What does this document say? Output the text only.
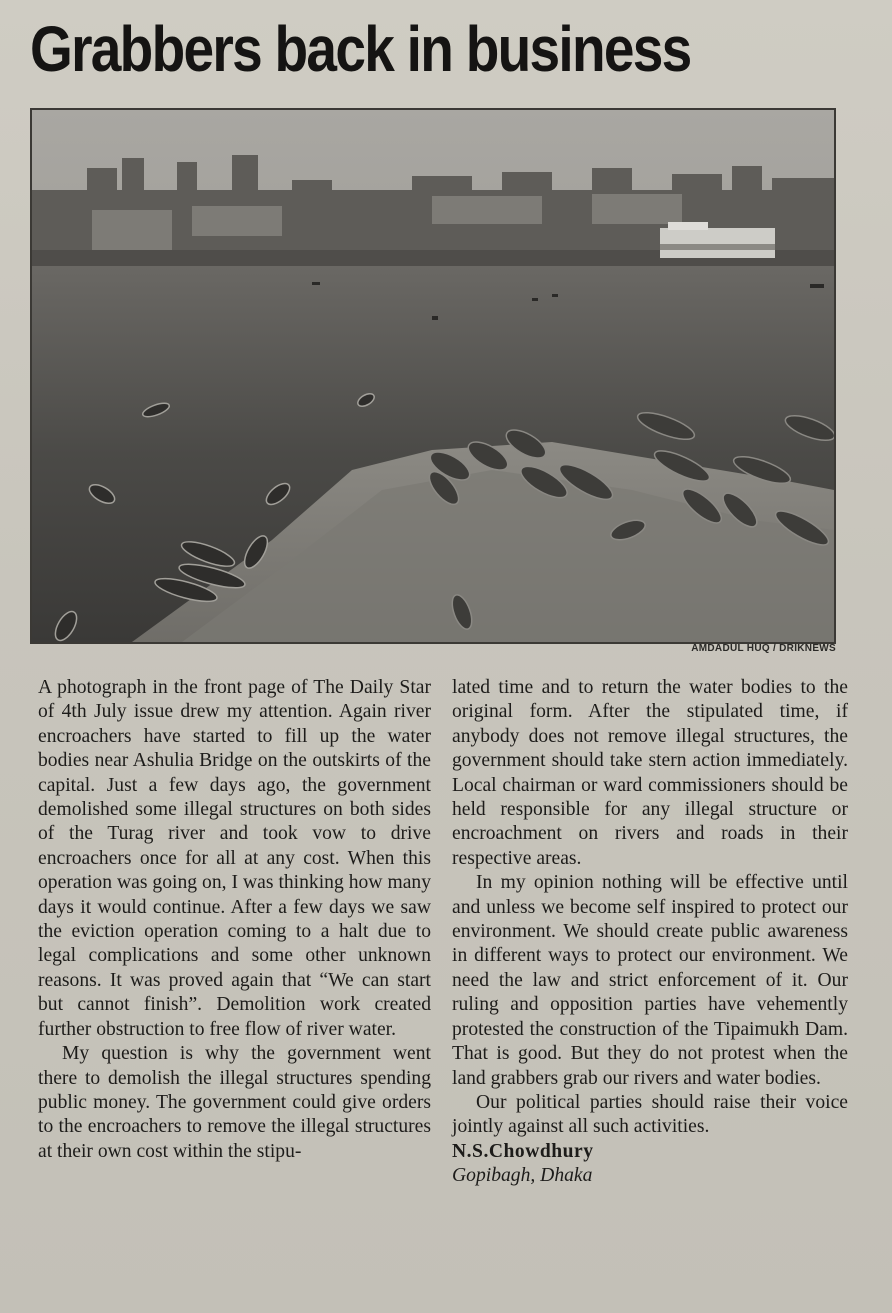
Grabbers back in business
AMDADUL HUQ / DRIKNEWS

A photograph in the front page of The Daily Star of 4th July issue drew my attention. Again river encroachers have started to fill up the water bodies near Ashulia Bridge on the outskirts of the capital. Just a few days ago, the government demolished some illegal structures on both sides of the Turag river and took vow to drive encroachers once for all at any cost. When this operation was going on, I was thinking how many days it would continue. After a few days we saw the eviction operation coming to a halt due to legal complications and some other unknown reasons. It was proved again that “We can start but cannot finish”. Demolition work created further obstruction to free flow of river water.

My question is why the government went there to demolish the illegal structures spending public money. The government could give orders to the encroachers to remove the illegal structures at their own cost within the stipu-

lated time and to return the water bodies to the original form. After the stipulated time, if anybody does not remove illegal structures, the government should take stern action immediately. Local chairman or ward commissioners should be held responsible for any illegal structure or encroachment on rivers and roads in their respective areas.

In my opinion nothing will be effective until and unless we become self inspired to protect our environment. We should create public awareness in different ways to protect our environment. We need the law and strict enforcement of it. Our ruling and opposition parties have vehemently protested the construction of the Tipaimukh Dam. That is good. But they do not protest when the land grabbers grab our rivers and water bodies.

Our political parties should raise their voice jointly against all such activities.

N.S.Chowdhury
Gopibagh, Dhaka
